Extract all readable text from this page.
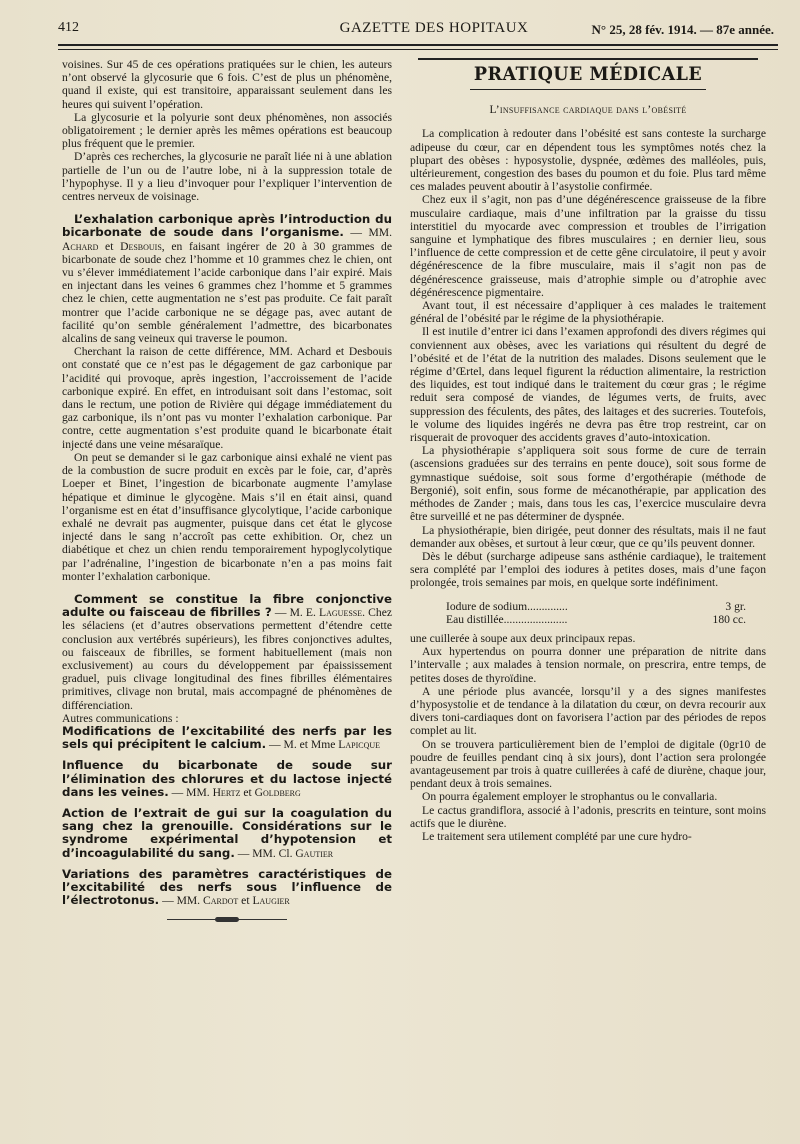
412	GAZETTE DES HOPITAUX	N° 25, 28 fév. 1914. — 87e année.

voisines. Sur 45 de ces opérations pratiquées sur le chien, les auteurs n’ont observé la glycosurie que 6 fois. C’est de plus un phénomène, quand il existe, qui est transitoire, apparaissant seulement dans les heures qui suivent l’opération.

La glycosurie et la polyurie sont deux phénomènes, non associés obligatoirement ; le dernier après les mêmes opérations est beaucoup plus fréquent que le premier.

D’après ces recherches, la glycosurie ne paraît liée ni à une ablation partielle de l’un ou de l’autre lobe, ni à la suppression totale de l’hypophyse. Il y a lieu d’invoquer pour l’expliquer l’intervention de centres nerveux de voisinage.

L’exhalation carbonique après l’introduction du bicarbonate de soude dans l’organisme. — MM. Achard et Desbouis, en faisant ingérer de 20 à 30 grammes de bicarbonate de soude chez l’homme et 10 grammes chez le chien, ont vu s’élever immédiatement l’acide carbonique dans l’air expiré. Mais en injectant dans les veines 6 grammes chez l’homme et 5 grammes chez le chien, cette augmentation ne s’est pas produite. Ce fait paraît montrer que l’acide carbonique ne se dégage pas, avec autant de facilité qu’on semble généralement l’admettre, des bicarbonates alcalins de sang veineux qui traverse le poumon.

Cherchant la raison de cette différence, MM. Achard et Desbouis ont constaté que ce n’est pas le dégagement de gaz carbonique par l’acidité qui provoque, après ingestion, l’accroissement de l’acide carbonique expiré. En effet, en introduisant soit dans l’estomac, soit dans le rectum, une potion de Rivière qui dégage immédiatement du gaz carbonique, ils n’ont pas vu monter l’exhalation carbonique. Par contre, cette augmentation s’est produite quand le bicarbonate était injecté dans une veine mésaraïque.

On peut se demander si le gaz carbonique ainsi exhalé ne vient pas de la combustion de sucre produit en excès par le foie, car, d’après Loeper et Binet, l’ingestion de bicarbonate augmente l’amylase hépatique et diminue le glycogène. Mais s’il en était ainsi, quand l’organisme est en état d’insuffisance glycolytique, l’acide carbonique exhalé ne devrait pas augmenter, puisque dans cet état le glycose injecté dans le sang n’accroît pas cette exhibition. Or, chez un diabétique et chez un chien rendu temporairement hypoglycolytique par l’adrénaline, l’ingestion de bicarbonate n’en a pas moins fait monter l’exhalation carbonique.

Comment se constitue la fibre conjonctive adulte ou faisceau de fibrilles ? — M. E. Laguesse. Chez les sélaciens (et d’autres observations permettent d’étendre cette conclusion aux vertébrés supérieurs), les fibres conjonctives adultes, ou faisceaux de fibrilles, se forment habituellement (mais non exclusivement) au cours du développement par épaississement graduel, puis clivage longitudinal des fines fibrilles élémentaires primitives, clivage non brutal, mais accompagné de phénomènes de différenciation.

Autres communications :

Modifications de l’excitabilité des nerfs par les sels qui précipitent le calcium. — M. et Mme Lapicque

Influence du bicarbonate de soude sur l’élimination des chlorures et du lactose injecté dans les veines. — MM. Hertz et Goldberg

Action de l’extrait de gui sur la coagulation du sang chez la grenouille. Considérations sur le syndrome expérimental d’hypotension et d’incoagulabilité du sang. — MM. Cl. Gautier

Variations des paramètres caractéristiques de l’excitabilité des nerfs sous l’influence de l’électrotonus. — MM. Cardot et Laugier

PRATIQUE MÉDICALE
L’insuffisance cardiaque dans l’obésité

La complication à redouter dans l’obésité est sans conteste la surcharge adipeuse du cœur, car en dépendent tous les symptômes notés chez la plupart des obèses : hyposystolie, dyspnée, œdèmes des malléoles, puis, ultérieurement, congestion des bases du poumon et du foie. Plus tard même ces malades peuvent aboutir à l’asystolie confirmée.

Chez eux il s’agit, non pas d’une dégénérescence graisseuse de la fibre musculaire cardiaque, mais d’une infiltration par la graisse du tissu interstitiel du myocarde avec compression et troubles de l’irrigation sanguine et lymphatique des fibres musculaires ; en dernier lieu, sous l’influence de cette compression et de cette gêne circulatoire, il peut y avoir dégénérescence de la fibre musculaire, mais il s’agit non pas de dégénérescence graisseuse, mais d’atrophie simple ou d’atrophie avec dégénérescence pigmentaire.

Avant tout, il est nécessaire d’appliquer à ces malades le traitement général de l’obésité par le régime de la physiothérapie.

Il est inutile d’entrer ici dans l’examen approfondi des divers régimes qui conviennent aux obèses, avec les variations qui résultent du degré de l’obésité et de l’état de la nutrition des malades. Disons seulement que le régime d’Œrtel, dans lequel figurent la réduction alimentaire, la restriction des liquides, est tout indiqué dans le traitement du cœur gras ; le régime reduit sera composé de viandes, de légumes verts, de fruits, avec suppression des féculents, des pâtes, des laitages et des sucreries. Toutefois, le volume des liquides ingérés ne devra pas être trop restreint, car on risquerait de provoquer des accidents graves d’auto-intoxication.

La physiothérapie s’appliquera soit sous forme de cure de terrain (ascensions graduées sur des terrains en pente douce), soit sous forme de gymnastique suédoise, soit sous forme d’ergothérapie (méthode de Bergonié), soit enfin, sous forme de mécanothérapie, par application des méthodes de Zander ; mais, dans tous les cas, l’exercice musculaire devra être surveillé et ne pas déterminer de dyspnée.

La physiothérapie, bien dirigée, peut donner des résultats, mais il ne faut demander aux obèses, et surtout à leur cœur, que ce qu’ils peuvent donner.

Dès le début (surcharge adipeuse sans asthénie cardiaque), le traitement sera complété par l’emploi des iodures à petites doses, mais d’une façon prolongée, trois semaines par mois, en quelque sorte indéfiniment.

Iodure de sodium..............	3 gr.
Eau distillée......................	180 cc.

une cuillerée à soupe aux deux principaux repas.

Aux hypertendus on pourra donner une préparation de nitrite dans l’intervalle ; aux malades à tension normale, on prescrira, entre temps, de petites doses de thyroïdine.

A une période plus avancée, lorsqu’il y a des signes manifestes d’hyposystolie et de tendance à la dilatation du cœur, on devra recourir aux divers toni-cardiaques dont on favorisera l’action par des périodes de repos complet au lit.

On se trouvera particulièrement bien de l’emploi de digitale (0gr10 de poudre de feuilles pendant cinq à six jours), dont l’action sera prolongée avantageusement par trois à quatre cuillerées à café de diurène, chaque jour, pendant deux à trois semaines.

On pourra également employer le strophantus ou le convallaria.

Le cactus grandiflora, associé à l’adonis, prescrits en teinture, sont moins actifs que le diurène.

Le traitement sera utilement complété par une cure hydro-
